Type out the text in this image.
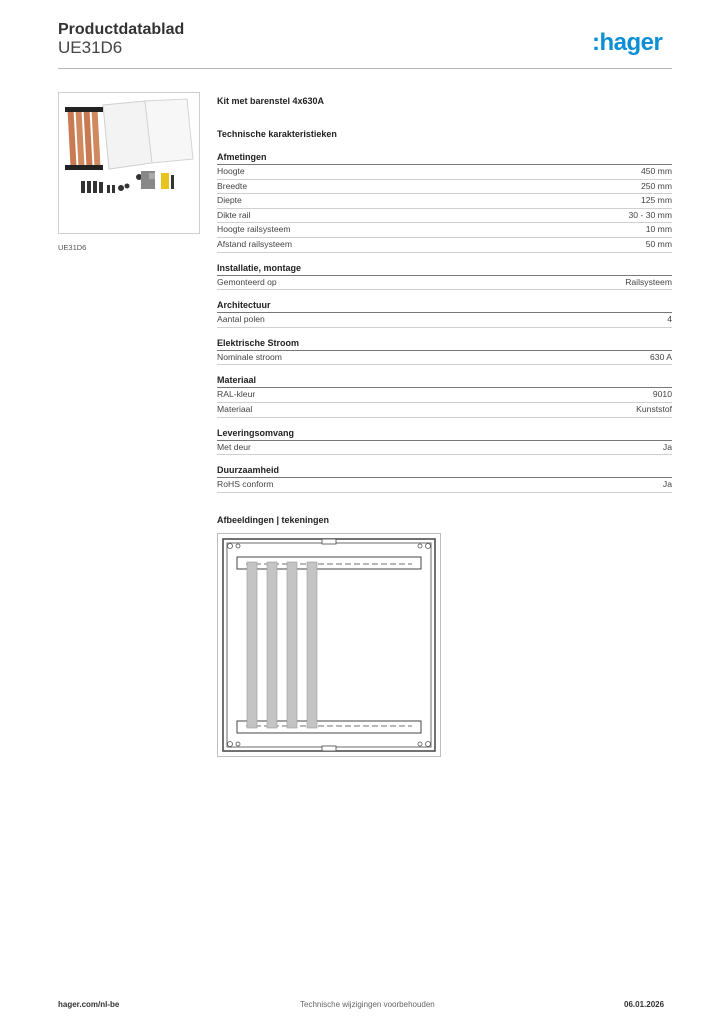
Productdatablad
UE31D6	:hager
UE31D6
Kit met barenstel 4x630A
Technische karakteristieken
Afmetingen
Hoogte	450 mm
Breedte	250 mm
Diepte	125 mm
Dikte rail	30 - 30 mm
Hoogte railsysteem	10 mm
Afstand railsysteem	50 mm
Installatie, montage
Gemonteerd op	Railsysteem
Architectuur
Aantal polen	4
Elektrische Stroom
Nominale stroom	630 A
Materiaal
RAL-kleur	9010
Materiaal	Kunststof
Leveringsomvang
Met deur	Ja
Duurzaamheid
RoHS conform	Ja
Afbeeldingen | tekeningen
hager.com/nl-be	Technische wijzigingen voorbehouden	06.01.2026
